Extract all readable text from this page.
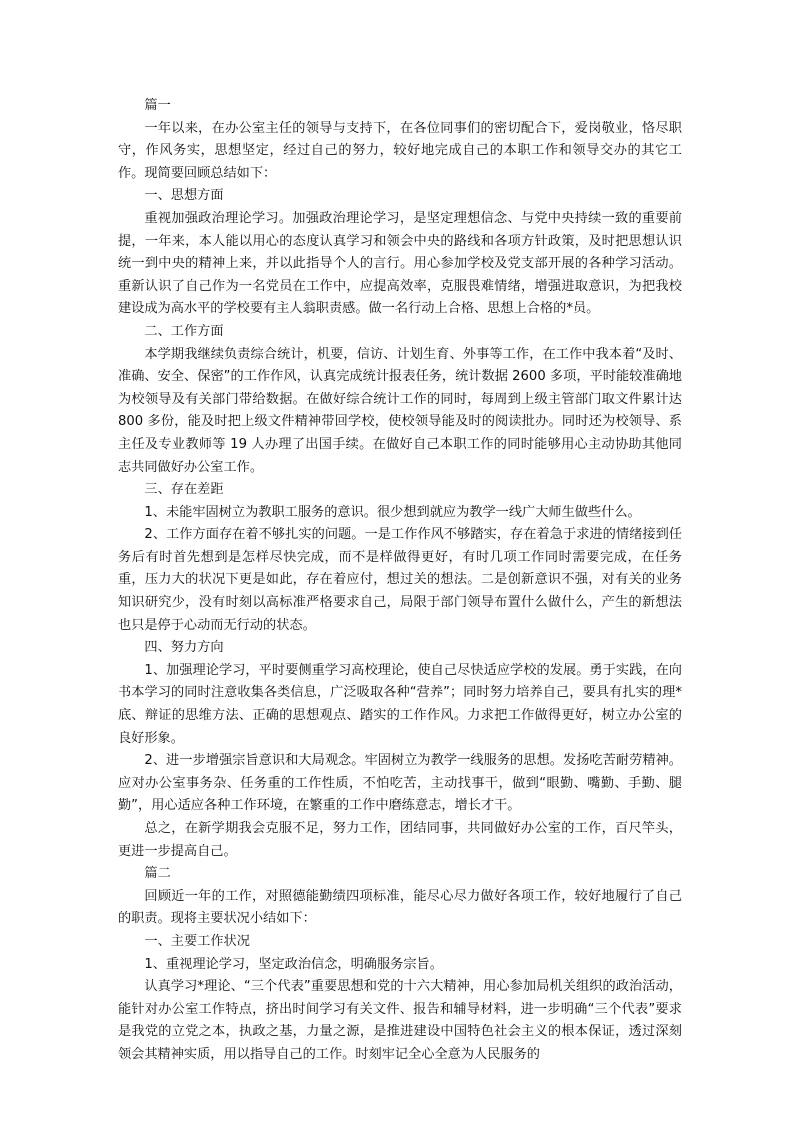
篇一

一年以来，在办公室主任的领导与支持下，在各位同事们的密切配合下，爱岗敬业，恪尽职守，作风务实，思想坚定，经过自己的努力，较好地完成自己的本职工作和领导交办的其它工作。现简要回顾总结如下：

一、思想方面

重视加强政治理论学习。加强政治理论学习，是坚定理想信念、与党中央持续一致的重要前提，一年来，本人能以用心的态度认真学习和领会中央的路线和各项方针政策，及时把思想认识统一到中央的精神上来，并以此指导个人的言行。用心参加学校及党支部开展的各种学习活动。重新认识了自己作为一名党员在工作中，应提高效率，克服畏难情绪，增强进取意识，为把我校建设成为高水平的学校要有主人翁职责感。做一名行动上合格、思想上合格的*员。

二、工作方面

本学期我继续负责综合统计，机要，信访、计划生育、外事等工作，在工作中我本着“及时、准确、安全、保密”的工作作风，认真完成统计报表任务，统计数据 2600 多项，平时能较准确地为校领导及有关部门带给数据。在做好综合统计工作的同时，每周到上级主管部门取文件累计达 800 多份，能及时把上级文件精神带回学校，使校领导能及时的阅读批办。同时还为校领导、系主任及专业教师等 19 人办理了出国手续。在做好自己本职工作的同时能够用心主动协助其他同志共同做好办公室工作。

三、存在差距

1、未能牢固树立为教职工服务的意识。很少想到就应为教学一线广大师生做些什么。

2、工作方面存在着不够扎实的问题。一是工作作风不够踏实，存在着急于求进的情绪接到任务后有时首先想到是怎样尽快完成，而不是样做得更好，有时几项工作同时需要完成，在任务重，压力大的状况下更是如此，存在着应付，想过关的想法。二是创新意识不强，对有关的业务知识研究少，没有时刻以高标准严格要求自己，局限于部门领导布置什么做什么，产生的新想法也只是停于心动而无行动的状态。

四、努力方向

1、加强理论学习，平时要侧重学习高校理论，使自己尽快适应学校的发展。勇于实践，在向书本学习的同时注意收集各类信息，广泛吸取各种“营养”；同时努力培养自己，要具有扎实的理*底、辩证的思维方法、正确的思想观点、踏实的工作作风。力求把工作做得更好，树立办公室的良好形象。

2、进一步增强宗旨意识和大局观念。牢固树立为教学一线服务的思想。发扬吃苦耐劳精神。应对办公室事务杂、任务重的工作性质，不怕吃苦，主动找事干，做到“眼勤、嘴勤、手勤、腿勤”，用心适应各种工作环境，在繁重的工作中磨练意志，增长才干。

总之，在新学期我会克服不足，努力工作，团结同事，共同做好办公室的工作，百尺竿头，更进一步提高自己。

篇二

回顾近一年的工作，对照德能勤绩四项标准，能尽心尽力做好各项工作，较好地履行了自己的职责。现将主要状况小结如下：

一、主要工作状况

1、重视理论学习，坚定政治信念，明确服务宗旨。

认真学习*理论、“三个代表”重要思想和党的十六大精神，用心参加局机关组织的政治活动，能针对办公室工作特点，挤出时间学习有关文件、报告和辅导材料，进一步明确“三个代表”要求是我党的立党之本，执政之基，力量之源，是推进建设中国特色社会主义的根本保证，透过深刻领会其精神实质，用以指导自己的工作。时刻牢记全心全意为人民服务的
